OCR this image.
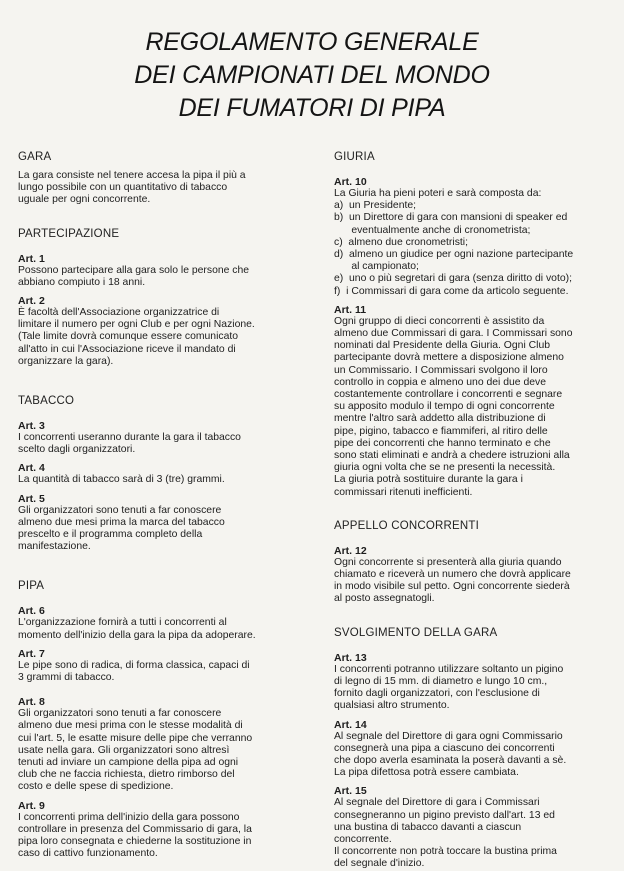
REGOLAMENTO GENERALE
DEI CAMPIONATI DEL MONDO
DEI FUMATORI DI PIPA
GARA
La gara consiste nel tenere accesa la pipa il più a
lungo possibile con un quantitativo di tabacco
uguale per ogni concorrente.
PARTECIPAZIONE
Art. 1
Possono partecipare alla gara solo le persone che
abbiano compiuto i 18 anni.
Art. 2
È facoltà dell'Associazione organizzatrice di
limitare il numero per ogni Club e per ogni Nazione.
(Tale limite dovrà comunque essere comunicato
all'atto in cui l'Associazione riceve il mandato di
organizzare la gara).
TABACCO
Art. 3
I concorrenti useranno durante la gara il tabacco
scelto dagli organizzatori.
Art. 4
La quantità di tabacco sarà di 3 (tre) grammi.
Art. 5
Gli organizzatori sono tenuti a far conoscere
almeno due mesi prima la marca del tabacco
prescelto e il programma completo della
manifestazione.
PIPA
Art. 6
L'organizzazione fornirà a tutti i concorrenti al
momento dell'inizio della gara la pipa da adoperare.
Art. 7
Le pipe sono di radica, di forma classica, capaci di
3 grammi di tabacco.
Art. 8
Gli organizzatori sono tenuti a far conoscere
almeno due mesi prima con le stesse modalità di
cui l'art. 5, le esatte misure delle pipe che verranno
usate nella gara. Gli organizzatori sono altresì
tenuti ad inviare un campione della pipa ad ogni
club che ne faccia richiesta, dietro rimborso del
costo e delle spese di spedizione.
Art. 9
I concorrenti prima dell'inizio della gara possono
controllare in presenza del Commissario di gara, la
pipa loro consegnata e chiederne la sostituzione in
caso di cattivo funzionamento.
GIURIA
Art. 10
La Giuria ha pieni poteri e sarà composta da:
a)  un Presidente;
b)  un Direttore di gara con mansioni di speaker ed
eventualmente anche di cronometrista;
c)  almeno due cronometristi;
d)  almeno un giudice per ogni nazione partecipante
al campionato;
e)  uno o più segretari di gara (senza diritto di voto);
f)  i Commissari di gara come da articolo seguente.
Art. 11
Ogni gruppo di dieci concorrenti è assistito da
almeno due Commissari di gara. I Commissari sono
nominati dal Presidente della Giuria. Ogni Club
partecipante dovrà mettere a disposizione almeno
un Commissario. I Commissari svolgono il loro
controllo in coppia e almeno uno dei due deve
costantemente controllare i concorrenti e segnare
su apposito modulo il tempo di ogni concorrente
mentre l'altro sarà addetto alla distribuzione di
pipe, pigino, tabacco e fiammiferi, al ritiro delle
pipe dei concorrenti che hanno terminato e che
sono stati eliminati e andrà a chedere istruzioni alla
giuria ogni volta che se ne presenti la necessità.
La giuria potrà sostituire durante la gara i
commissari ritenuti inefficienti.
APPELLO CONCORRENTI
Art. 12
Ogni concorrente si presenterà alla giuria quando
chiamato e riceverà un numero che dovrà applicare
in modo visibile sul petto. Ogni concorrente siederà
al posto assegnatogli.
SVOLGIMENTO DELLA GARA
Art. 13
I concorrenti potranno utilizzare soltanto un pigino
di legno di 15 mm. di diametro e lungo 10 cm.,
fornito dagli organizzatori, con l'esclusione di
qualsiasi altro strumento.
Art. 14
Al segnale del Direttore di gara ogni Commissario
consegnerà una pipa a ciascuno dei concorrenti
che dopo averla esaminata la poserà davanti a sè.
La pipa difettosa potrà essere cambiata.
Art. 15
Al segnale del Direttore di gara i Commissari
consegneranno un pigino previsto dall'art. 13 ed
una bustina di tabacco davanti a ciascun
concorrente.
Il concorrente non potrà toccare la bustina prima
del segnale d'inizio.
